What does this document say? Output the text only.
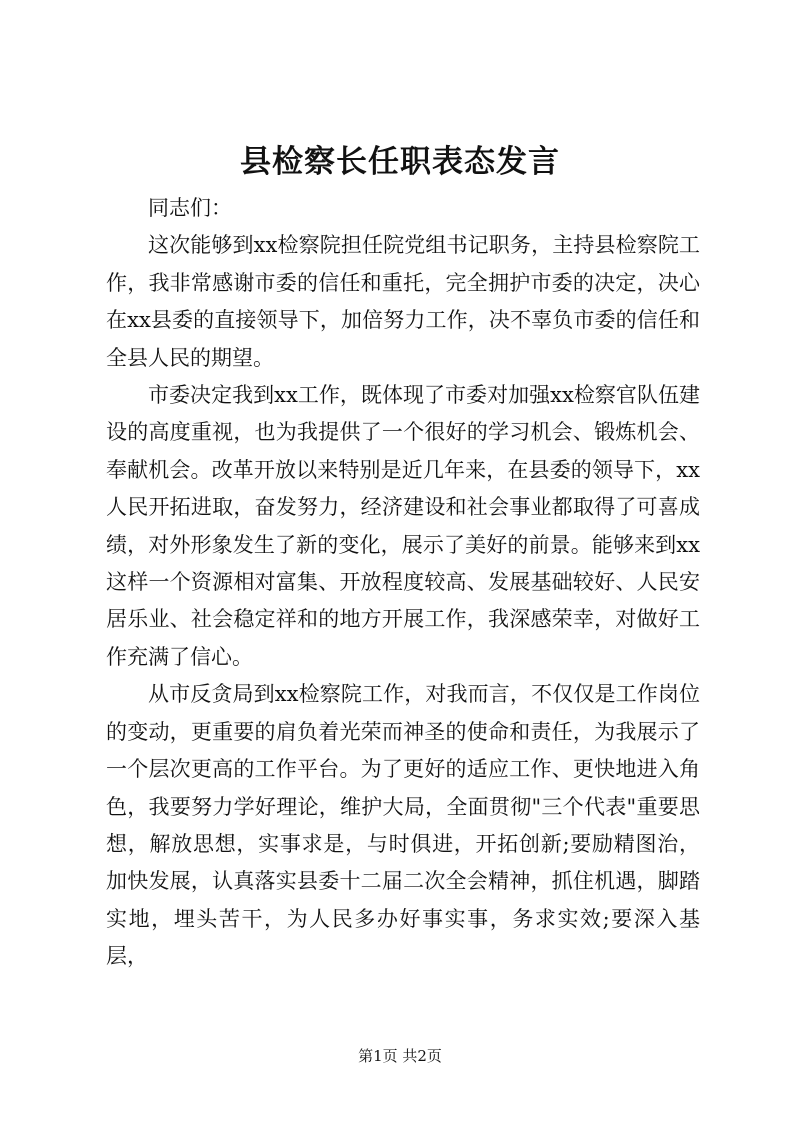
县检察长任职表态发言

同志们：

这次能够到xx检察院担任院党组书记职务，主持县检察院工作，我非常感谢市委的信任和重托，完全拥护市委的决定，决心在xx县委的直接领导下，加倍努力工作，决不辜负市委的信任和全县人民的期望。

市委决定我到xx工作，既体现了市委对加强xx检察官队伍建设的高度重视，也为我提供了一个很好的学习机会、锻炼机会、奉献机会。改革开放以来特别是近几年来，在县委的领导下，xx人民开拓进取，奋发努力，经济建设和社会事业都取得了可喜成绩，对外形象发生了新的变化，展示了美好的前景。能够来到xx这样一个资源相对富集、开放程度较高、发展基础较好、人民安居乐业、社会稳定祥和的地方开展工作，我深感荣幸，对做好工作充满了信心。

从市反贪局到xx检察院工作，对我而言，不仅仅是工作岗位的变动，更重要的肩负着光荣而神圣的使命和责任，为我展示了一个层次更高的工作平台。为了更好的适应工作、更快地进入角色，我要努力学好理论，维护大局，全面贯彻"三个代表"重要思想，解放思想，实事求是，与时俱进，开拓创新;要励精图治，加快发展，认真落实县委十二届二次全会精神，抓住机遇，脚踏实地，埋头苦干，为人民多办好事实事，务求实效;要深入基层，

第1页 共2页
